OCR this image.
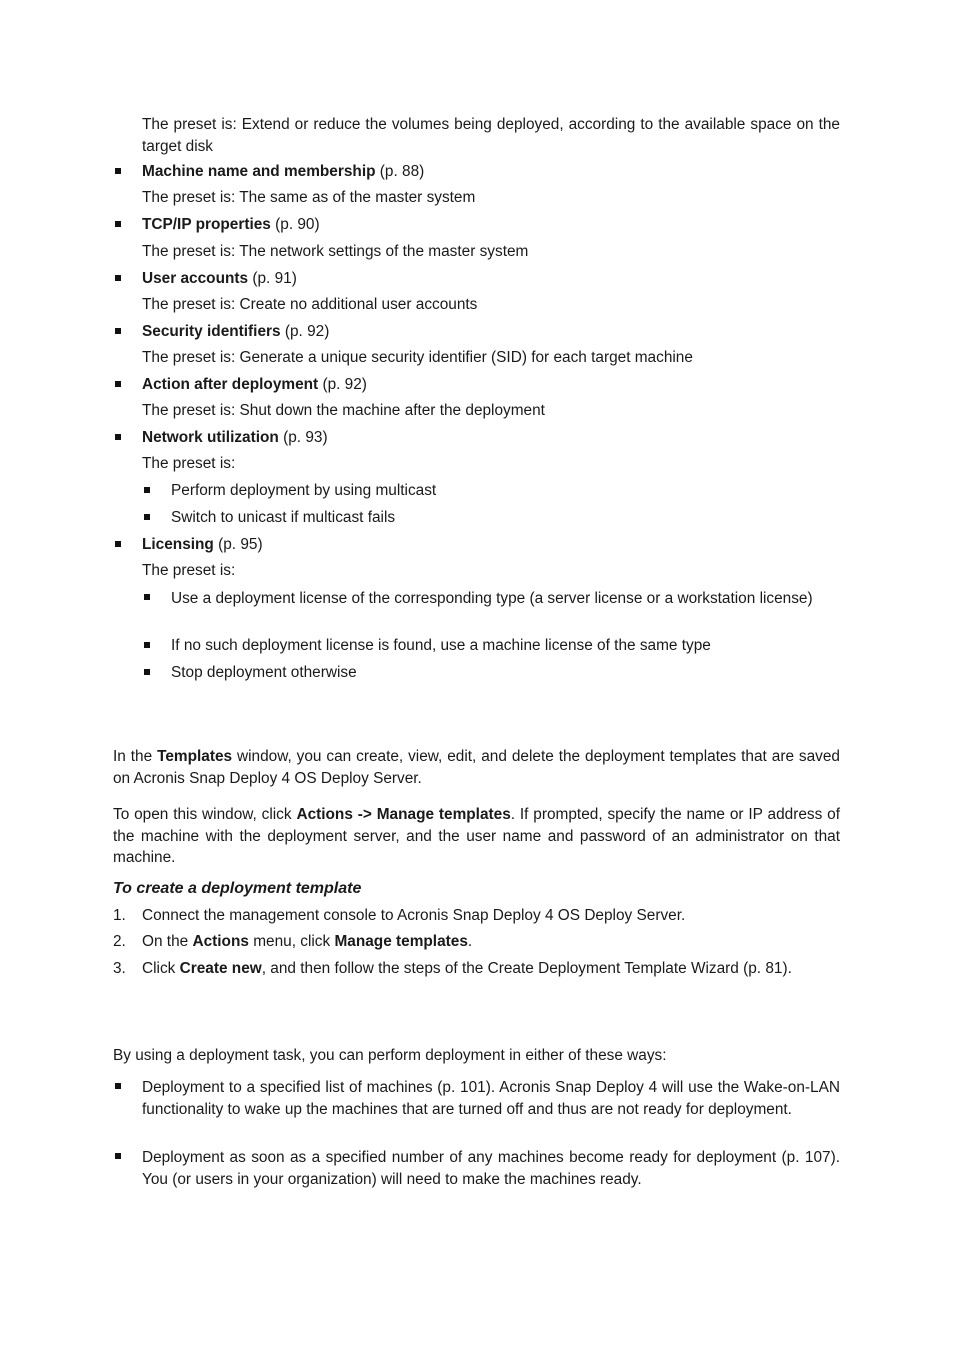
The preset is: Extend or reduce the volumes being deployed, according to the available space on the target disk
Machine name and membership (p. 88)
The preset is: The same as of the master system
TCP/IP properties (p. 90)
The preset is: The network settings of the master system
User accounts (p. 91)
The preset is: Create no additional user accounts
Security identifiers (p. 92)
The preset is: Generate a unique security identifier (SID) for each target machine
Action after deployment (p. 92)
The preset is: Shut down the machine after the deployment
Network utilization (p. 93)
The preset is:
Perform deployment by using multicast
Switch to unicast if multicast fails
Licensing (p. 95)
The preset is:
Use a deployment license of the corresponding type (a server license or a workstation license)
If no such deployment license is found, use a machine license of the same type
Stop deployment otherwise
In the Templates window, you can create, view, edit, and delete the deployment templates that are saved on Acronis Snap Deploy 4 OS Deploy Server.
To open this window, click Actions -> Manage templates. If prompted, specify the name or IP address of the machine with the deployment server, and the user name and password of an administrator on that machine.
To create a deployment template
1. Connect the management console to Acronis Snap Deploy 4 OS Deploy Server.
2. On the Actions menu, click Manage templates.
3. Click Create new, and then follow the steps of the Create Deployment Template Wizard (p. 81).
By using a deployment task, you can perform deployment in either of these ways:
Deployment to a specified list of machines (p. 101). Acronis Snap Deploy 4 will use the Wake-on-LAN functionality to wake up the machines that are turned off and thus are not ready for deployment.
Deployment as soon as a specified number of any machines become ready for deployment (p. 107). You (or users in your organization) will need to make the machines ready.
